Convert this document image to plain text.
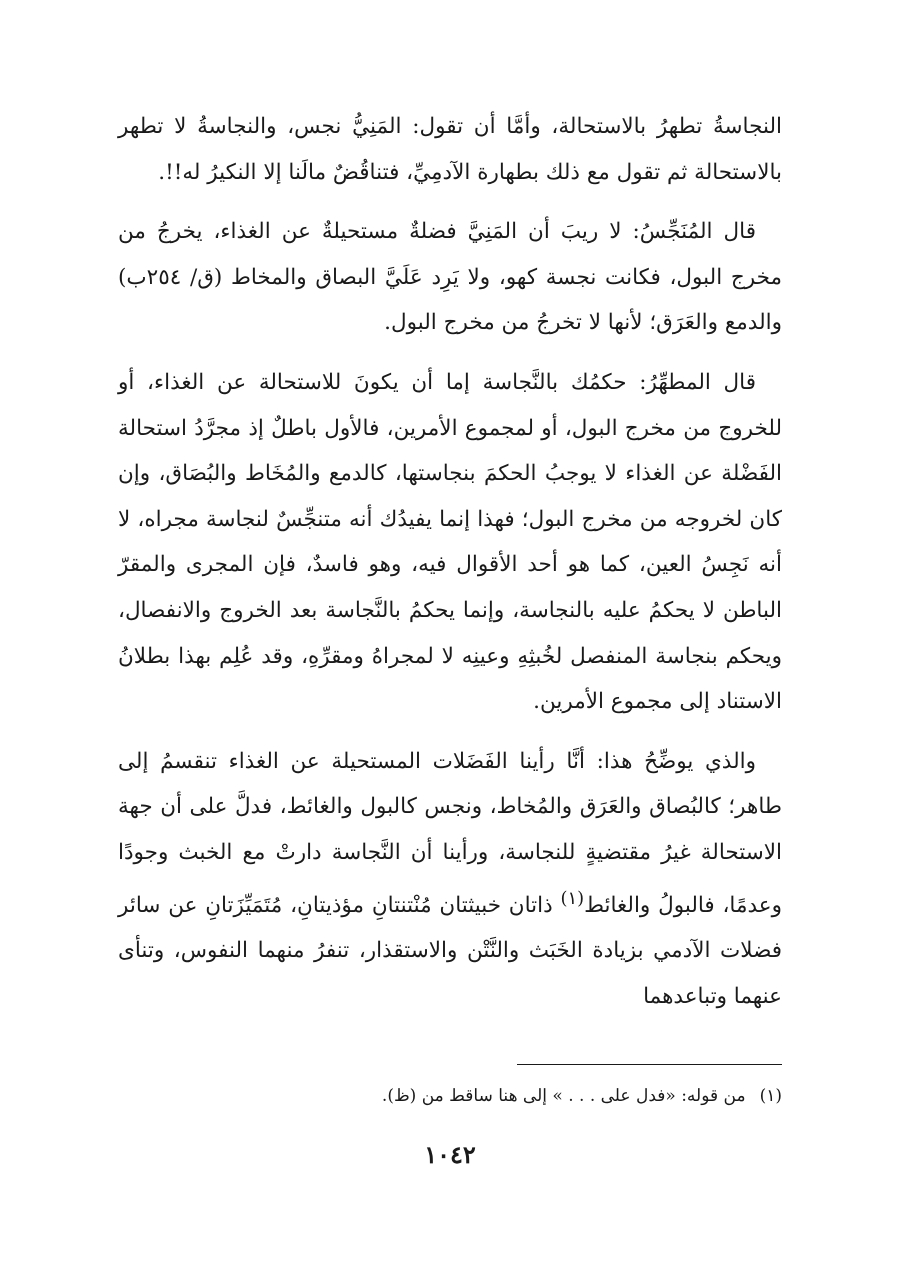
النجاسةُ تطهرُ بالاستحالة، وأمَّا أن تقول: المَنِيُّ نجس، والنجاسةُ لا تطهر بالاستحالة ثم تقول مع ذلك بطهارة الآدمِيِّ، فتناقُضٌ مالَنا إلا النكيرُ له!!.

قال المُنَجِّسُ: لا ريبَ أن المَنِيَّ فضلةٌ مستحيلةٌ عن الغذاء، يخرجُ من مخرج البول، فكانت نجسة كهو، ولا يَرِد عَلَيَّ البصاق والمخاط (ق/ ٢٥٤ب) والدمع والعَرَق؛ لأنها لا تخرجُ من مخرج البول.

قال المطهِّرُ: حكمُك بالنَّجاسة إما أن يكونَ للاستحالة عن الغذاء، أو للخروج من مخرج البول، أو لمجموع الأمرين، فالأول باطلٌ إذ مجرَّدُ استحالة الفَضْلة عن الغذاء لا يوجبُ الحكمَ بنجاستها، كالدمع والمُخَاط والبُصَاق، وإن كان لخروجه من مخرج البول؛ فهذا إنما يفيدُك أنه متنجِّسٌ لنجاسة مجراه، لا أنه نَجِسُ العين، كما هو أحد الأقوال فيه، وهو فاسدٌ، فإن المجرى والمقرّ الباطن لا يحكمُ عليه بالنجاسة، وإنما يحكمُ بالنَّجاسة بعد الخروج والانفصال، ويحكم بنجاسة المنفصل لخُبثِهِ وعينِه لا لمجراهُ ومقرِّهِ، وقد عُلِم بهذا بطلانُ الاستناد إلى مجموع الأمرين.

والذي يوضِّحُ هذا: أنَّا رأينا الفَضَلات المستحيلة عن الغذاء تنقسمُ إلى طاهر؛ كالبُصاق والعَرَق والمُخاط، ونجس كالبول والغائط، فدلَّ على أن جهة الاستحالة غيرُ مقتضيةٍ للنجاسة، ورأينا أن النَّجاسة دارتْ مع الخبث وجودًا وعدمًا، فالبولُ والغائط$^{(١)}$ ذاتان خبيثتان مُنْتنتانِ مؤذيتانِ، مُتَمَيِّزَتانِ عن سائر فضلات الآدمي بزيادة الخَبَث والنَّتْن والاستقذار، تنفرُ منهما النفوس، وتنأى عنهما وتباعدهما

(١)من قوله: «فدل على . . . » إلى هنا ساقط من (ظ).
١٠٤٢
